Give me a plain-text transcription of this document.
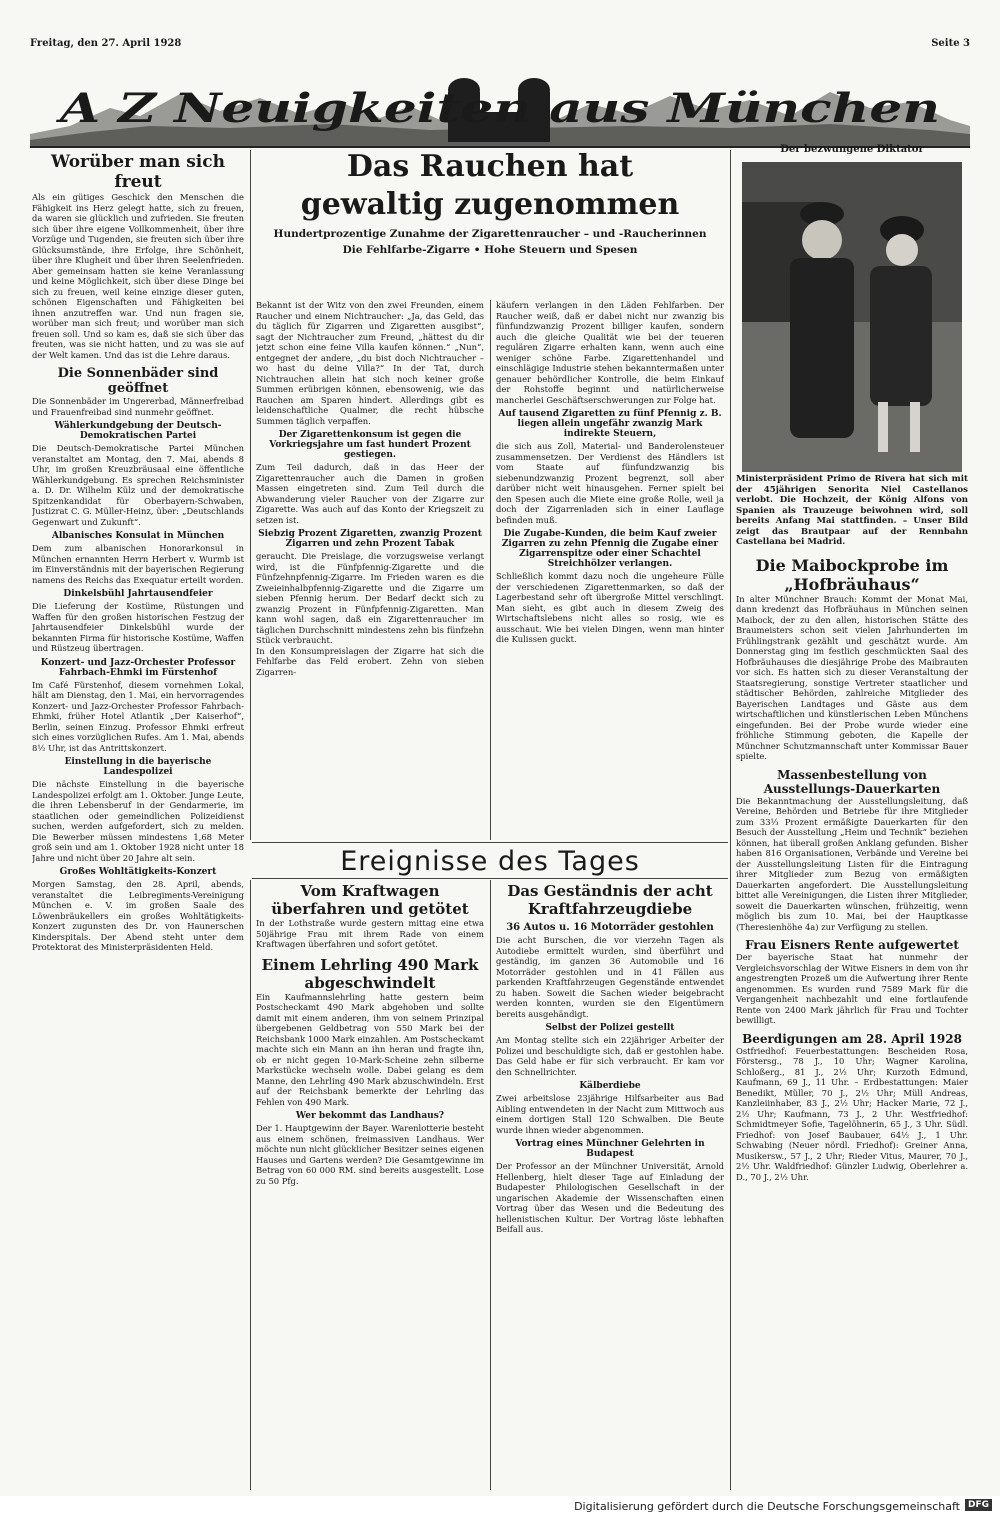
Freitag, den 27. April 1928	Seite 3
A Z Neuigkeiten aus München
Worüber man sich freut

Als ein gütiges Geschick den Menschen die Fähigkeit ins Herz gelegt hatte, sich zu freuen, da waren sie glücklich und zufrieden. Sie freuten sich über ihre eigene Vollkommenheit, über ihre Vorzüge und Tugenden, sie freuten sich über ihre Glücksumstände, ihre Erfolge, ihre Schönheit, über ihre Klugheit und über ihren Seelenfrieden. Aber gemeinsam hatten sie keine Veranlassung und keine Möglichkeit, sich über diese Dinge bei sich zu freuen, weil keine einzige dieser guten, schönen Eigenschaften und Fähigkeiten bei ihnen anzutreffen war. Und nun fragen sie, worüber man sich freut; und worüber man sich freuen soll. Und so kam es, daß sie sich über das freuten, was sie nicht hatten, und zu was sie auf der Welt kamen. Und das ist die Lehre daraus.

Die Sonnenbäder sind geöffnet

Die Sonnenbäder im Ungererbad, Männerfreibad und Frauenfreibad sind nunmehr geöffnet.

Wählerkundgebung der Deutsch-Demokratischen Partei

Die Deutsch-Demokratische Partei München veranstaltet am Montag, den 7. Mai, abends 8 Uhr, im großen Kreuzbräusaal eine öffentliche Wählerkundgebung. Es sprechen Reichsminister a. D. Dr. Wilhelm Külz und der demokratische Spitzenkandidat für Oberbayern-Schwaben, Justizrat C. G. Müller-Heinz, über: „Deutschlands Gegenwart und Zukunft“.

Albanisches Konsulat in München

Dem zum albanischen Honorarkonsul in München ernannten Herrn Herbert v. Wurmb ist im Einverständnis mit der bayerischen Regierung namens des Reichs das Exequatur erteilt worden.

Dinkelsbühl Jahrtausendfeier

Die Lieferung der Kostüme, Rüstungen und Waffen für den großen historischen Festzug der Jahrtausendfeier Dinkelsbühl wurde der bekannten Firma für historische Kostüme, Waffen und Rüstzeug übertragen.

Konzert- und Jazz-Orchester Professor Fahrbach-Ehmki im Fürstenhof

Im Café Fürstenhof, diesem vornehmen Lokal, hält am Dienstag, den 1. Mai, ein hervorragendes Konzert- und Jazz-Orchester Professor Fahrbach-Ehmki, früher Hotel Atlantik „Der Kaiserhof“, Berlin, seinen Einzug. Professor Ehmki erfreut sich eines vorzüglichen Rufes. Am 1. Mai, abends 8½ Uhr, ist das Antrittskonzert.

Einstellung in die bayerische Landespolizei

Die nächste Einstellung in die bayerische Landespolizei erfolgt am 1. Oktober. Junge Leute, die ihren Lebensberuf in der Gendarmerie, im staatlichen oder gemeindlichen Polizeidienst suchen, werden aufgefordert, sich zu melden. Die Bewerber müssen mindestens 1,68 Meter groß sein und am 1. Oktober 1928 nicht unter 18 Jahre und nicht über 20 Jahre alt sein.

Großes Wohltätigkeits-Konzert

Morgen Samstag, den 28. April, abends, veranstaltet die Leibregiments-Vereinigung München e. V. im großen Saale des Löwenbräukellers ein großes Wohltätigkeits-Konzert zugunsten des Dr. von Haunerschen Kinderspitals. Der Abend steht unter dem Protektorat des Ministerpräsidenten Held.

Das Rauchen hat gewaltig zugenommen
Hundertprozentige Zunahme der Zigarettenraucher – und -Raucherinnen
Die Fehlfarbe-Zigarre • Hohe Steuern und Spesen

Bekannt ist der Witz von den zwei Freunden, einem Raucher und einem Nichtraucher: „Ja, das Geld, das du täglich für Zigarren und Zigaretten ausgibst“, sagt der Nichtraucher zum Freund, „hättest du dir jetzt schon eine feine Villa kaufen können.“ „Nun“, entgegnet der andere, „du bist doch Nichtraucher – wo hast du deine Villa?“ In der Tat, durch Nichtrauchen allein hat sich noch keiner große Summen erübrigen können, ebensowenig, wie das Rauchen am Sparen hindert. Allerdings gibt es leidenschaftliche Qualmer, die recht hübsche Summen täglich verpaffen.

Der Zigarettenkonsum ist gegen die Vorkriegsjahre um fast hundert Prozent gestiegen.

Zum Teil dadurch, daß in das Heer der Zigarettenraucher auch die Damen in großen Massen eingetreten sind. Zum Teil durch die Abwanderung vieler Raucher von der Zigarre zur Zigarette. Was auch auf das Konto der Kriegszeit zu setzen ist.

Siebzig Prozent Zigaretten, zwanzig Prozent Zigarren und zehn Prozent Tabak

geraucht. Die Preislage, die vorzugsweise verlangt wird, ist die Fünfpfennig-Zigarette und die Fünfzehnpfennig-Zigarre. Im Frieden waren es die Zweieinhalbpfennig-Zigarette und die Zigarre um sieben Pfennig herum. Der Bedarf deckt sich zu zwanzig Prozent in Fünfpfennig-Zigaretten. Man kann wohl sagen, daß ein Zigarettenraucher im täglichen Durchschnitt mindestens zehn bis fünfzehn Stück verbraucht.

In den Konsumpreislagen der Zigarre hat sich die Fehlfarbe das Feld erobert. Zehn von sieben Zigarren-

käufern verlangen in den Läden Fehlfarben. Der Raucher weiß, daß er dabei nicht nur zwanzig bis fünfundzwanzig Prozent billiger kaufen, sondern auch die gleiche Qualität wie bei der teueren regulären Zigarre erhalten kann, wenn auch eine weniger schöne Farbe. Zigarettenhandel und einschlägige Industrie stehen bekanntermaßen unter genauer behördlicher Kontrolle, die beim Einkauf der Rohstoffe beginnt und natürlicherweise mancherlei Geschäftserschwerungen zur Folge hat.

Auf tausend Zigaretten zu fünf Pfennig z. B. liegen allein ungefähr zwanzig Mark indirekte Steuern,

die sich aus Zoll, Material- und Banderolensteuer zusammensetzen. Der Verdienst des Händlers ist vom Staate auf fünfundzwanzig bis siebenundzwanzig Prozent begrenzt, soll aber darüber nicht weit hinausgehen. Ferner spielt bei den Spesen auch die Miete eine große Rolle, weil ja doch der Zigarrenladen sich in einer Lauflage befinden muß.

Die Zugabe-Kunden, die beim Kauf zweier Zigarren zu zehn Pfennig die Zugabe einer Zigarrenspitze oder einer Schachtel Streichhölzer verlangen.

Schließlich kommt dazu noch die ungeheure Fülle der verschiedenen Zigarettenmarken, so daß der Lagerbestand sehr oft übergroße Mittel verschlingt. Man sieht, es gibt auch in diesem Zweig des Wirtschaftslebens nicht alles so rosig, wie es ausschaut. Wie bei vielen Dingen, wenn man hinter die Kulissen guckt.

Ereignisse des Tages
Vom Kraftwagen überfahren und getötet

In der Lothstraße wurde gestern mittag eine etwa 50jährige Frau mit ihrem Rade von einem Kraftwagen überfahren und sofort getötet.

Einem Lehrling 490 Mark abgeschwindelt

Ein Kaufmannslehrling hatte gestern beim Postscheckamt 490 Mark abgehoben und sollte damit mit einem anderen, ihm von seinem Prinzipal übergebenen Geldbetrag von 550 Mark bei der Reichsbank 1000 Mark einzahlen. Am Postscheckamt machte sich ein Mann an ihn heran und fragte ihn, ob er nicht gegen 10-Mark-Scheine zehn silberne Markstücke wechseln wolle. Dabei gelang es dem Manne, den Lehrling 490 Mark abzuschwindeln. Erst auf der Reichsbank bemerkte der Lehrling das Fehlen von 490 Mark.

Wer bekommt das Landhaus?

Der 1. Hauptgewinn der Bayer. Warenlotterie besteht aus einem schönen, freimassiven Landhaus. Wer möchte nun nicht glücklicher Besitzer seines eigenen Hauses und Gartens werden? Die Gesamtgewinne im Betrag von 60 000 RM. sind bereits ausgestellt. Lose zu 50 Pfg.

Das Geständnis der acht Kraftfahrzeugdiebe
36 Autos u. 16 Motorräder gestohlen

Die acht Burschen, die vor vierzehn Tagen als Autodiebe ermittelt wurden, sind überführt und geständig, im ganzen 36 Automobile und 16 Motorräder gestohlen und in 41 Fällen aus parkenden Kraftfahrzeugen Gegenstände entwendet zu haben. Soweit die Sachen wieder beigebracht werden konnten, wurden sie den Eigentümern bereits ausgehändigt.

Selbst der Polizei gestellt

Am Montag stellte sich ein 22jähriger Arbeiter der Polizei und beschuldigte sich, daß er gestohlen habe. Das Geld habe er für sich verbraucht. Er kam vor den Schnellrichter.

Kälberdiebe

Zwei arbeitslose 23jährige Hilfsarbeiter aus Bad Aibling entwendeten in der Nacht zum Mittwoch aus einem dortigen Stall 120 Schwalben. Die Beute wurde ihnen wieder abgenommen.

Vortrag eines Münchner Gelehrten in Budapest

Der Professor an der Münchner Universität, Arnold Hellenberg, hielt dieser Tage auf Einladung der Budapester Philologischen Gesellschaft in der ungarischen Akademie der Wissenschaften einen Vortrag über das Wesen und die Bedeutung des hellenistischen Kultur. Der Vortrag löste lebhaften Beifall aus.

Der bezwungene Diktator

Ministerpräsident Primo de Rivera hat sich mit der 45jährigen Senorita Niel Castellanos verlobt. Die Hochzeit, der König Alfons von Spanien als Trauzeuge beiwohnen wird, soll bereits Anfang Mai stattfinden. – Unser Bild zeigt das Brautpaar auf der Rennbahn Castellana bei Madrid.

Die Maibockprobe im „Hofbräuhaus“

In alter Münchner Brauch: Kommt der Monat Mai, dann kredenzt das Hofbräuhaus in München seinen Maibock, der zu den allen, historischen Stätte des Braumeisters schon seit vielen Jahrhunderten im Frühlingstrank gezählt und geschätzt wurde. Am Donnerstag ging im festlich geschmückten Saal des Hofbräuhauses die diesjährige Probe des Maibrauten vor sich. Es hatten sich zu dieser Veranstaltung der Staatsregierung, sonstige Vertreter staatlicher und städtischer Behörden, zahlreiche Mitglieder des Bayerischen Landtages und Gäste aus dem wirtschaftlichen und künstlerischen Leben Münchens eingefunden. Bei der Probe wurde wieder eine fröhliche Stimmung geboten, die Kapelle der Münchner Schutzmannschaft unter Kommissar Bauer spielte.

Massenbestellung von Ausstellungs-Dauerkarten

Die Bekanntmachung der Ausstellungsleitung, daß Vereine, Behörden und Betriebe für ihre Mitglieder zum 33⅓ Prozent ermäßigte Dauerkarten für den Besuch der Ausstellung „Heim und Technik“ beziehen können, hat überall großen Anklang gefunden. Bisher haben 816 Organisationen, Verbände und Vereine bei der Ausstellungsleitung Listen für die Eintragung ihrer Mitglieder zum Bezug von ermäßigten Dauerkarten angefordert. Die Ausstellungsleitung bittet alle Vereinigungen, die Listen ihrer Mitglieder, soweit die Dauerkarten wünschen, frühzeitig, wenn möglich bis zum 10. Mai, bei der Hauptkasse (Theresienhöhe 4a) zur Verfügung zu stellen.

Frau Eisners Rente aufgewertet

Der bayerische Staat hat nunmehr der Vergleichsvorschlag der Witwe Eisners in dem von ihr angestrengten Prozeß um die Aufwertung ihrer Rente angenommen. Es wurden rund 7589 Mark für die Vergangenheit nachbezahlt und eine fortlaufende Rente von 2400 Mark jährlich für Frau und Tochter bewilligt.

Beerdigungen am 28. April 1928

Ostfriedhof: Feuerbestattungen: Bescheiden Rosa, Förstersg., 78 J., 10 Uhr; Wagner Karolina, Schloßerg., 81 J., 2½ Uhr; Kurzoth Edmund, Kaufmann, 69 J., 11 Uhr. – Erdbestattungen: Maier Benedikt, Müller, 70 J., 2½ Uhr; Müll Andreas, Kanzleiinhaber, 83 J., 2½ Uhr; Hacker Marie, 72 J., 2½ Uhr; Kaufmann, 73 J., 2 Uhr. Westfriedhof: Schmidtmeyer Sofie, Tagelöhnerin, 65 J., 3 Uhr. Südl. Friedhof: von Josef Baubauer, 64½ J., 1 Uhr. Schwabing (Neuer nördl. Friedhof): Greiner Anna, Musikersw., 57 J., 2 Uhr; Rieder Vitus, Maurer, 70 J., 2½ Uhr. Waldfriedhof: Günzler Ludwig, Oberlehrer a. D., 70 J., 2½ Uhr.

Digitalisierung gefördert durch die Deutsche Forschungsgemeinschaft DFG
